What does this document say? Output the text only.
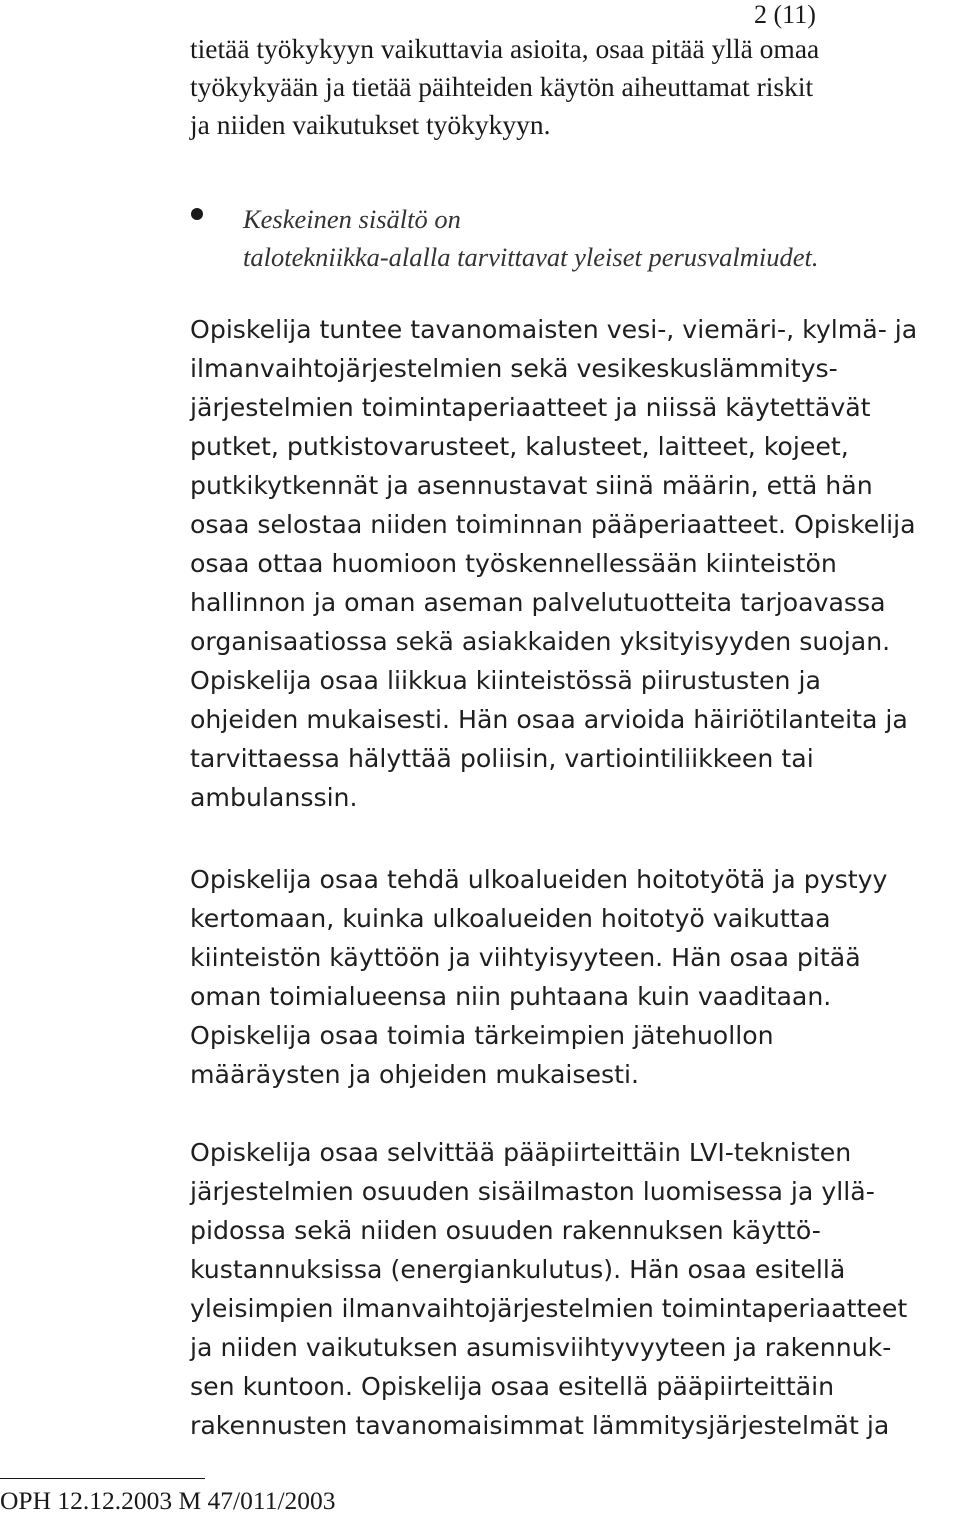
2 (11)

tietää työkykyyn vaikuttavia asioita, osaa pitää yllä omaa
työkykyään ja tietää päihteiden käytön aiheuttamat riskit
ja niiden vaikutukset työkykyyn.

Keskeinen sisältö on
talotekniikka-alalla tarvittavat yleiset perusvalmiudet.

Opiskelija tuntee tavanomaisten vesi-, viemäri-, kylmä- ja
ilmanvaihtojärjestelmien sekä vesikeskuslämmitys-
järjestelmien toimintaperiaatteet ja niissä käytettävät
putket, putkistovarusteet, kalusteet, laitteet, kojeet,
putkikytkennät ja asennustavat siinä määrin, että hän
osaa selostaa niiden toiminnan pääperiaatteet. Opiskelija
osaa ottaa huomioon työskennellessään kiinteistön
hallinnon ja oman aseman palvelutuotteita tarjoavassa
organisaatiossa sekä asiakkaiden yksityisyyden suojan.
Opiskelija osaa liikkua kiinteistössä piirustusten ja
ohjeiden mukaisesti. Hän osaa arvioida häiriötilanteita ja
tarvittaessa hälyttää poliisin, vartiointiliikkeen tai
ambulanssin.

Opiskelija osaa tehdä ulkoalueiden hoitotyötä ja pystyy
kertomaan, kuinka ulkoalueiden hoitotyö vaikuttaa
kiinteistön käyttöön ja viihtyisyyteen. Hän osaa pitää
oman toimialueensa niin puhtaana kuin vaaditaan.
Opiskelija osaa toimia tärkeimpien jätehuollon
määräysten ja ohjeiden mukaisesti.

Opiskelija osaa selvittää pääpiirteittäin LVI-teknisten
järjestelmien osuuden sisäilmaston luomisessa ja yllä-
pidossa sekä niiden osuuden rakennuksen käyttö-
kustannuksissa (energiankulutus). Hän osaa esitellä
yleisimpien ilmanvaihtojärjestelmien toimintaperiaatteet
ja niiden vaikutuksen asumisviihtyvyyteen ja rakennuk-
sen kuntoon. Opiskelija osaa esitellä pääpiirteittäin
rakennusten tavanomaisimmat lämmitysjärjestelmät ja

OPH 12.12.2003 M 47/011/2003
